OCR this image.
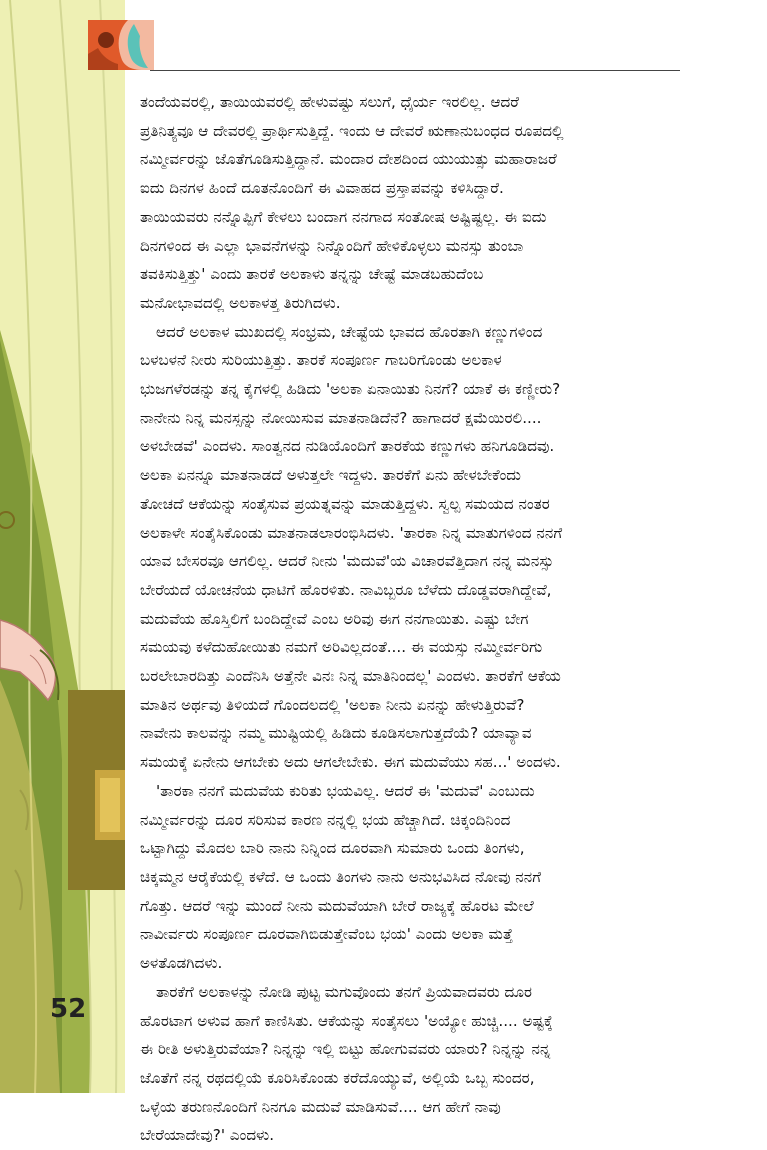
ತಂದೆಯವರಲ್ಲಿ, ತಾಯಿಯವರಲ್ಲಿ ಹೇಳುವಷ್ಟು ಸಲುಗೆ, ಧೈರ್ಯ ಇರಲಿಲ್ಲ. ಆದರೆ
ಪ್ರತಿನಿತ್ಯವೂ ಆ ದೇವರಲ್ಲಿ ಪ್ರಾರ್ಥಿಸುತ್ತಿದ್ದೆ. ಇಂದು ಆ ದೇವರೆ ಋಣಾನುಬಂಧದ ರೂಪದಲ್ಲಿ
ನಮ್ಮೀರ್ವರನ್ನು ಜೊತೆಗೂಡಿಸುತ್ತಿದ್ದಾನೆ. ಮಂದಾರ ದೇಶದಿಂದ ಯುಯುತ್ಸು ಮಹಾರಾಜರೆ
ಐದು ದಿನಗಳ ಹಿಂದೆ ದೂತನೊಂದಿಗೆ ಈ ವಿವಾಹದ ಪ್ರಸ್ತಾಪವನ್ನು ಕಳಿಸಿದ್ದಾರೆ.
ತಾಯಿಯವರು ನನ್ನೊಪ್ಪಿಗೆ ಕೇಳಲು ಬಂದಾಗ ನನಗಾದ ಸಂತೋಷ ಅಷ್ಟಿಷ್ಟಲ್ಲ. ಈ ಐದು
ದಿನಗಳಿಂದ ಈ ಎಲ್ಲಾ ಭಾವನೆಗಳನ್ನು ನಿನ್ನೊಂದಿಗೆ ಹೇಳಿಕೊಳ್ಳಲು ಮನಸ್ಸು ತುಂಬಾ
ತವಕಿಸುತ್ತಿತ್ತು' ಎಂದು ತಾರಕೆ ಅಲಕಾಳು ತನ್ನನ್ನು ಚೇಷ್ಟೆ ಮಾಡಬಹುದೆಂಬ
ಮನೋಭಾವದಲ್ಲಿ ಅಲಕಾಳತ್ತ ತಿರುಗಿದಳು.

ಆದರೆ ಅಲಕಾಳ ಮುಖದಲ್ಲಿ ಸಂಭ್ರಮ, ಚೇಷ್ಟೆಯ ಭಾವದ ಹೊರತಾಗಿ ಕಣ್ಣುಗಳಿಂದ
ಬಳಬಳನೆ ನೀರು ಸುರಿಯುತ್ತಿತ್ತು. ತಾರಕೆ ಸಂಪೂರ್ಣ ಗಾಬರಿಗೊಂಡು ಅಲಕಾಳ
ಭುಜಗಳೆರಡನ್ನು ತನ್ನ ಕೈಗಳಲ್ಲಿ ಹಿಡಿದು 'ಅಲಕಾ ಏನಾಯಿತು ನಿನಗೆ? ಯಾಕೆ ಈ ಕಣ್ಣೀರು?
ನಾನೇನು ನಿನ್ನ ಮನಸ್ಸನ್ನು ನೋಯಿಸುವ ಮಾತನಾಡಿದೆನೆ? ಹಾಗಾದರೆ ಕ್ಷಮೆಯಿರಲಿ....
ಅಳಬೇಡವೆ' ಎಂದಳು. ಸಾಂತ್ವನದ ನುಡಿಯೊಂದಿಗೆ ತಾರಕೆಯ ಕಣ್ಣುಗಳು ಹನಿಗೂಡಿದವು.
ಅಲಕಾ ಏನನ್ನೂ ಮಾತನಾಡದೆ ಅಳುತ್ತಲೇ ಇದ್ದಳು. ತಾರಕೆಗೆ ಏನು ಹೇಳಬೇಕೆಂದು
ತೋಚದೆ ಆಕೆಯನ್ನು ಸಂತೈಸುವ ಪ್ರಯತ್ನವನ್ನು ಮಾಡುತ್ತಿದ್ದಳು. ಸ್ವಲ್ಪ ಸಮಯದ ನಂತರ
ಅಲಕಾಳೇ ಸಂತೈಸಿಕೊಂಡು ಮಾತನಾಡಲಾರಂಭಿಸಿದಳು. 'ತಾರಕಾ ನಿನ್ನ ಮಾತುಗಳಿಂದ ನನಗೆ
ಯಾವ ಬೇಸರವೂ ಆಗಲಿಲ್ಲ. ಆದರೆ ನೀನು 'ಮದುವೆ'ಯ ವಿಚಾರವೆತ್ತಿದಾಗ ನನ್ನ ಮನಸ್ಸು
ಬೇರೆಯದೆ ಯೋಚನೆಯ ಧಾಟಿಗೆ ಹೊರಳಿತು. ನಾವಿಬ್ಬರೂ ಬೆಳೆದು ದೊಡ್ಡವರಾಗಿದ್ದೇವೆ,
ಮದುವೆಯ ಹೊಸ್ತಿಲಿಗೆ ಬಂದಿದ್ದೇವೆ ಎಂಬ ಅರಿವು ಈಗ ನನಗಾಯಿತು. ಎಷ್ಟು ಬೇಗ
ಸಮಯವು ಕಳೆದುಹೋಯಿತು ನಮಗೆ ಅರಿವಿಲ್ಲದಂತೆ.... ಈ ವಯಸ್ಸು ನಮ್ಮೀರ್ವರಿಗು
ಬರಲೇಬಾರದಿತ್ತು ಎಂದೆನಿಸಿ ಅತ್ತೆನೇ ವಿನಃ ನಿನ್ನ ಮಾತಿನಿಂದಲ್ಲ' ಎಂದಳು. ತಾರಕೆಗೆ ಆಕೆಯ
ಮಾತಿನ ಅರ್ಥವು ತಿಳಿಯದೆ ಗೊಂದಲದಲ್ಲಿ 'ಅಲಕಾ ನೀನು ಏನನ್ನು ಹೇಳುತ್ತಿರುವೆ?
ನಾವೇನು ಕಾಲವನ್ನು ನಮ್ಮ ಮುಷ್ಟಿಯಲ್ಲಿ ಹಿಡಿದು ಕೂಡಿಸಲಾಗುತ್ತದೆಯೆ? ಯಾವ್ಯಾವ
ಸಮಯಕ್ಕೆ ಏನೇನು ಆಗಬೇಕು ಅದು ಆಗಲೇಬೇಕು. ಈಗ ಮದುವೆಯು ಸಹ...' ಅಂದಳು.

'ತಾರಕಾ ನನಗೆ ಮದುವೆಯ ಕುರಿತು ಭಯವಿಲ್ಲ. ಆದರೆ ಈ 'ಮದುವೆ' ಎಂಬುದು
ನಮ್ಮೀರ್ವರನ್ನು ದೂರ ಸರಿಸುವ ಕಾರಣ ನನ್ನಲ್ಲಿ ಭಯ ಹೆಚ್ಚಾಗಿದೆ. ಚಿಕ್ಕಂದಿನಿಂದ
ಒಟ್ಟಾಗಿದ್ದು ಮೊದಲ ಬಾರಿ ನಾನು ನಿನ್ನಿಂದ ದೂರವಾಗಿ ಸುಮಾರು ಒಂದು ತಿಂಗಳು,
ಚಿಕ್ಕಮ್ಮನ ಆರೈಕೆಯಲ್ಲಿ ಕಳೆದೆ. ಆ ಒಂದು ತಿಂಗಳು ನಾನು ಅನುಭವಿಸಿದ ನೋವು ನನಗೆ
ಗೊತ್ತು. ಆದರೆ ಇನ್ನು ಮುಂದೆ ನೀನು ಮದುವೆಯಾಗಿ ಬೇರೆ ರಾಜ್ಯಕ್ಕೆ ಹೊರಟ ಮೇಲೆ
ನಾವೀರ್ವರು ಸಂಪೂರ್ಣ ದೂರವಾಗಿಬಿಡುತ್ತೇವೆಂಬ ಭಯ' ಎಂದು ಅಲಕಾ ಮತ್ತೆ
ಅಳತೊಡಗಿದಳು.

ತಾರಕೆಗೆ ಅಲಕಾಳನ್ನು ನೋಡಿ ಪುಟ್ಟ ಮಗುವೊಂದು ತನಗೆ ಪ್ರಿಯವಾದವರು ದೂರ
ಹೊರಟಾಗ ಅಳುವ ಹಾಗೆ ಕಾಣಿಸಿತು. ಆಕೆಯನ್ನು ಸಂತೈಸಲು 'ಅಯ್ಯೋ ಹುಚ್ಚಿ.... ಅಷ್ಟಕ್ಕೆ
ಈ ರೀತಿ ಅಳುತ್ತಿರುವೆಯಾ? ನಿನ್ನನ್ನು ಇಲ್ಲಿ ಬಿಟ್ಟು ಹೋಗುವವರು ಯಾರು? ನಿನ್ನನ್ನು ನನ್ನ
ಜೊತೆಗೆ ನನ್ನ ರಥದಲ್ಲಿಯೆ ಕೂರಿಸಿಕೊಂಡು ಕರೆದೊಯ್ಯುವೆ, ಅಲ್ಲಿಯೆ ಒಬ್ಬ ಸುಂದರ,
ಒಳ್ಳೆಯ ತರುಣನೊಂದಿಗೆ ನಿನಗೂ ಮದುವೆ ಮಾಡಿಸುವೆ.... ಆಗ ಹೇಗೆ ನಾವು
ಬೇರೆಯಾದೇವು?' ಎಂದಳು.

52
